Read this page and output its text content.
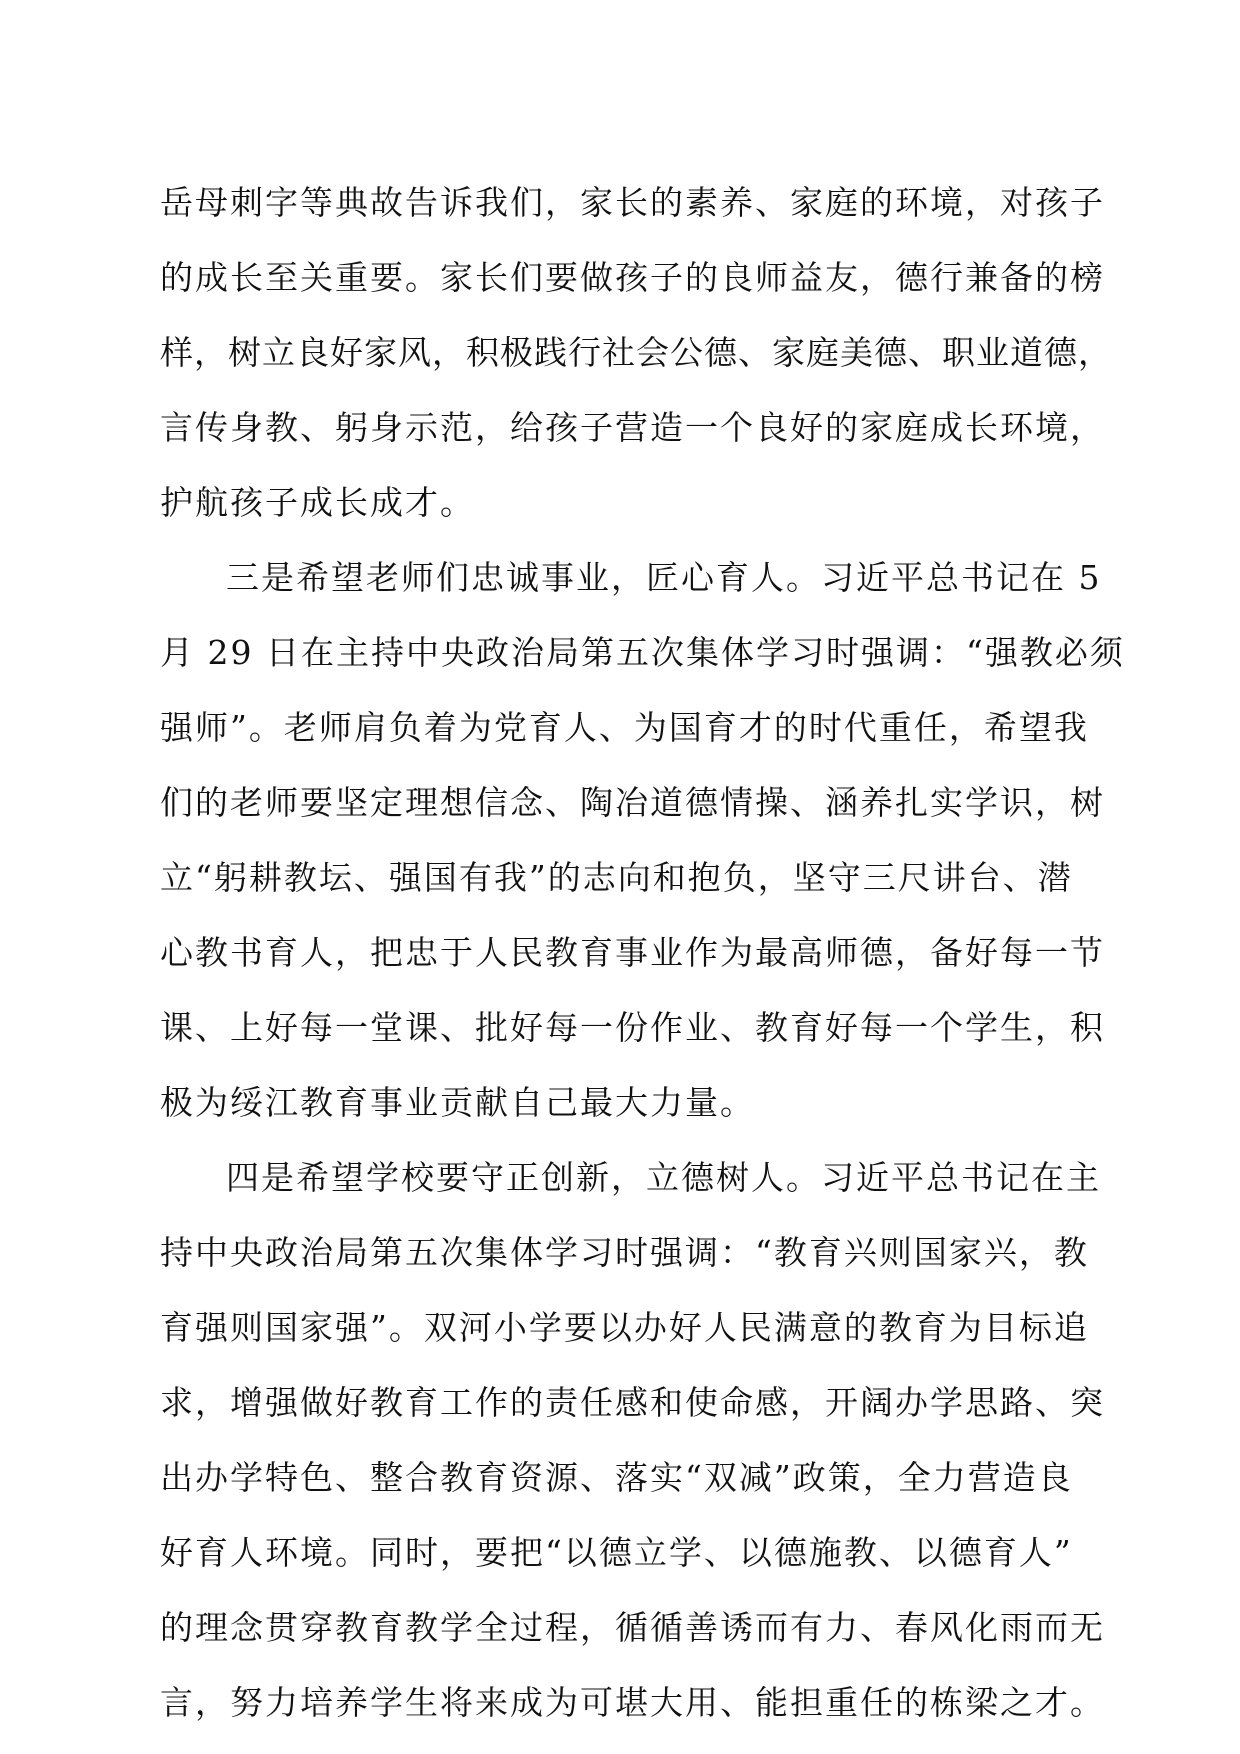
岳母刺字等典故告诉我们，家长的素养、家庭的环境，对孩子
的成长至关重要。家长们要做孩子的良师益友，德行兼备的榜
样，树立良好家风，积极践行社会公德、家庭美德、职业道德，
言传身教、躬身示范，给孩子营造一个良好的家庭成长环境，
护航孩子成长成才。
三是希望老师们忠诚事业，匠心育人。习近平总书记在 5
月 29 日在主持中央政治局第五次集体学习时强调：“强教必须
强师”。老师肩负着为党育人、为国育才的时代重任，希望我
们的老师要坚定理想信念、陶冶道德情操、涵养扎实学识，树
立“躬耕教坛、强国有我”的志向和抱负，坚守三尺讲台、潜
心教书育人，把忠于人民教育事业作为最高师德，备好每一节
课、上好每一堂课、批好每一份作业、教育好每一个学生，积
极为绥江教育事业贡献自己最大力量。
四是希望学校要守正创新，立德树人。习近平总书记在主
持中央政治局第五次集体学习时强调：“教育兴则国家兴，教
育强则国家强”。双河小学要以办好人民满意的教育为目标追
求，增强做好教育工作的责任感和使命感，开阔办学思路、突
出办学特色、整合教育资源、落实“双减”政策，全力营造良
好育人环境。同时，要把“以德立学、以德施教、以德育人”
的理念贯穿教育教学全过程，循循善诱而有力、春风化雨而无
言，努力培养学生将来成为可堪大用、能担重任的栋梁之才。
